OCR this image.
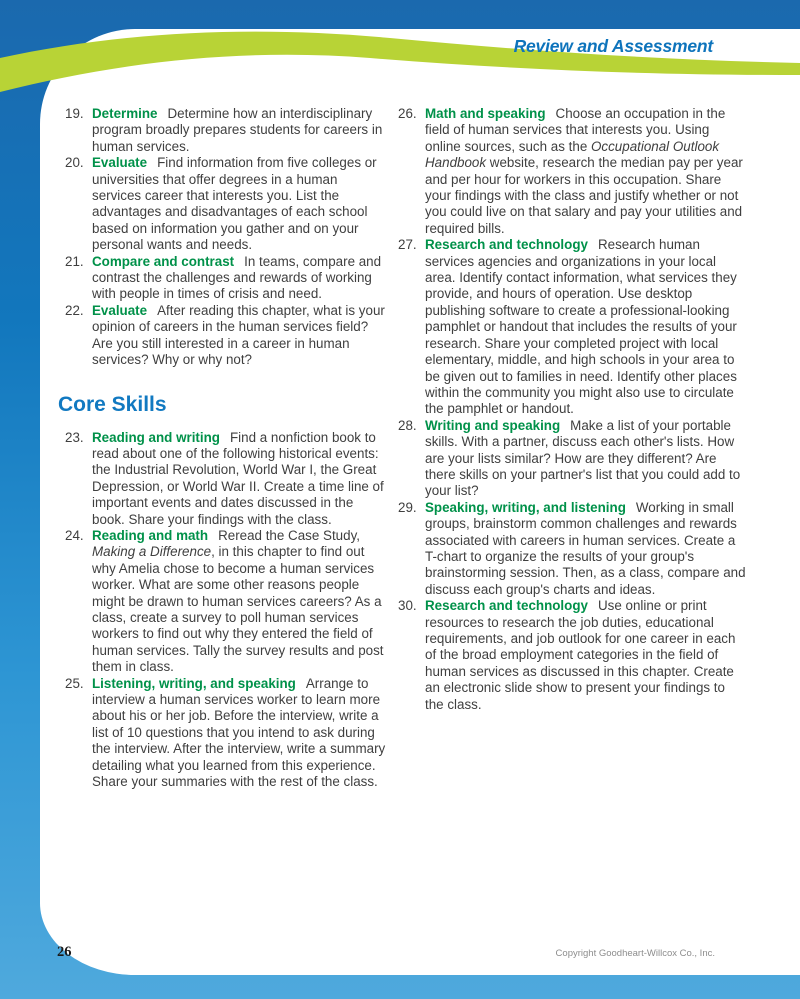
Review and Assessment
19. Determine Determine how an interdisciplinary program broadly prepares students for careers in human services.
20. Evaluate Find information from five colleges or universities that offer degrees in a human services career that interests you. List the advantages and disadvantages of each school based on information you gather and on your personal wants and needs.
21. Compare and contrast In teams, compare and contrast the challenges and rewards of working with people in times of crisis and need.
22. Evaluate After reading this chapter, what is your opinion of careers in the human services field? Are you still interested in a career in human services? Why or why not?
Core Skills
23. Reading and writing Find a nonfiction book to read about one of the following historical events: the Industrial Revolution, World War I, the Great Depression, or World War II. Create a time line of important events and dates discussed in the book. Share your findings with the class.
24. Reading and math Reread the Case Study, Making a Difference, in this chapter to find out why Amelia chose to become a human services worker. What are some other reasons people might be drawn to human services careers? As a class, create a survey to poll human services workers to find out why they entered the field of human services. Tally the survey results and post them in class.
25. Listening, writing, and speaking Arrange to interview a human services worker to learn more about his or her job. Before the interview, write a list of 10 questions that you intend to ask during the interview. After the interview, write a summary detailing what you learned from this experience. Share your summaries with the rest of the class.
26. Math and speaking Choose an occupation in the field of human services that interests you. Using online sources, such as the Occupational Outlook Handbook website, research the median pay per year and per hour for workers in this occupation. Share your findings with the class and justify whether or not you could live on that salary and pay your utilities and required bills.
27. Research and technology Research human services agencies and organizations in your local area. Identify contact information, what services they provide, and hours of operation. Use desktop publishing software to create a professional-looking pamphlet or handout that includes the results of your research. Share your completed project with local elementary, middle, and high schools in your area to be given out to families in need. Identify other places within the community you might also use to circulate the pamphlet or handout.
28. Writing and speaking Make a list of your portable skills. With a partner, discuss each other's lists. How are your lists similar? How are they different? Are there skills on your partner's list that you could add to your list?
29. Speaking, writing, and listening Working in small groups, brainstorm common challenges and rewards associated with careers in human services. Create a T-chart to organize the results of your group's brainstorming session. Then, as a class, compare and discuss each group's charts and ideas.
30. Research and technology Use online or print resources to research the job duties, educational requirements, and job outlook for one career in each of the broad employment categories in the field of human services as discussed in this chapter. Create an electronic slide show to present your findings to the class.
26	Copyright Goodheart-Willcox Co., Inc.
